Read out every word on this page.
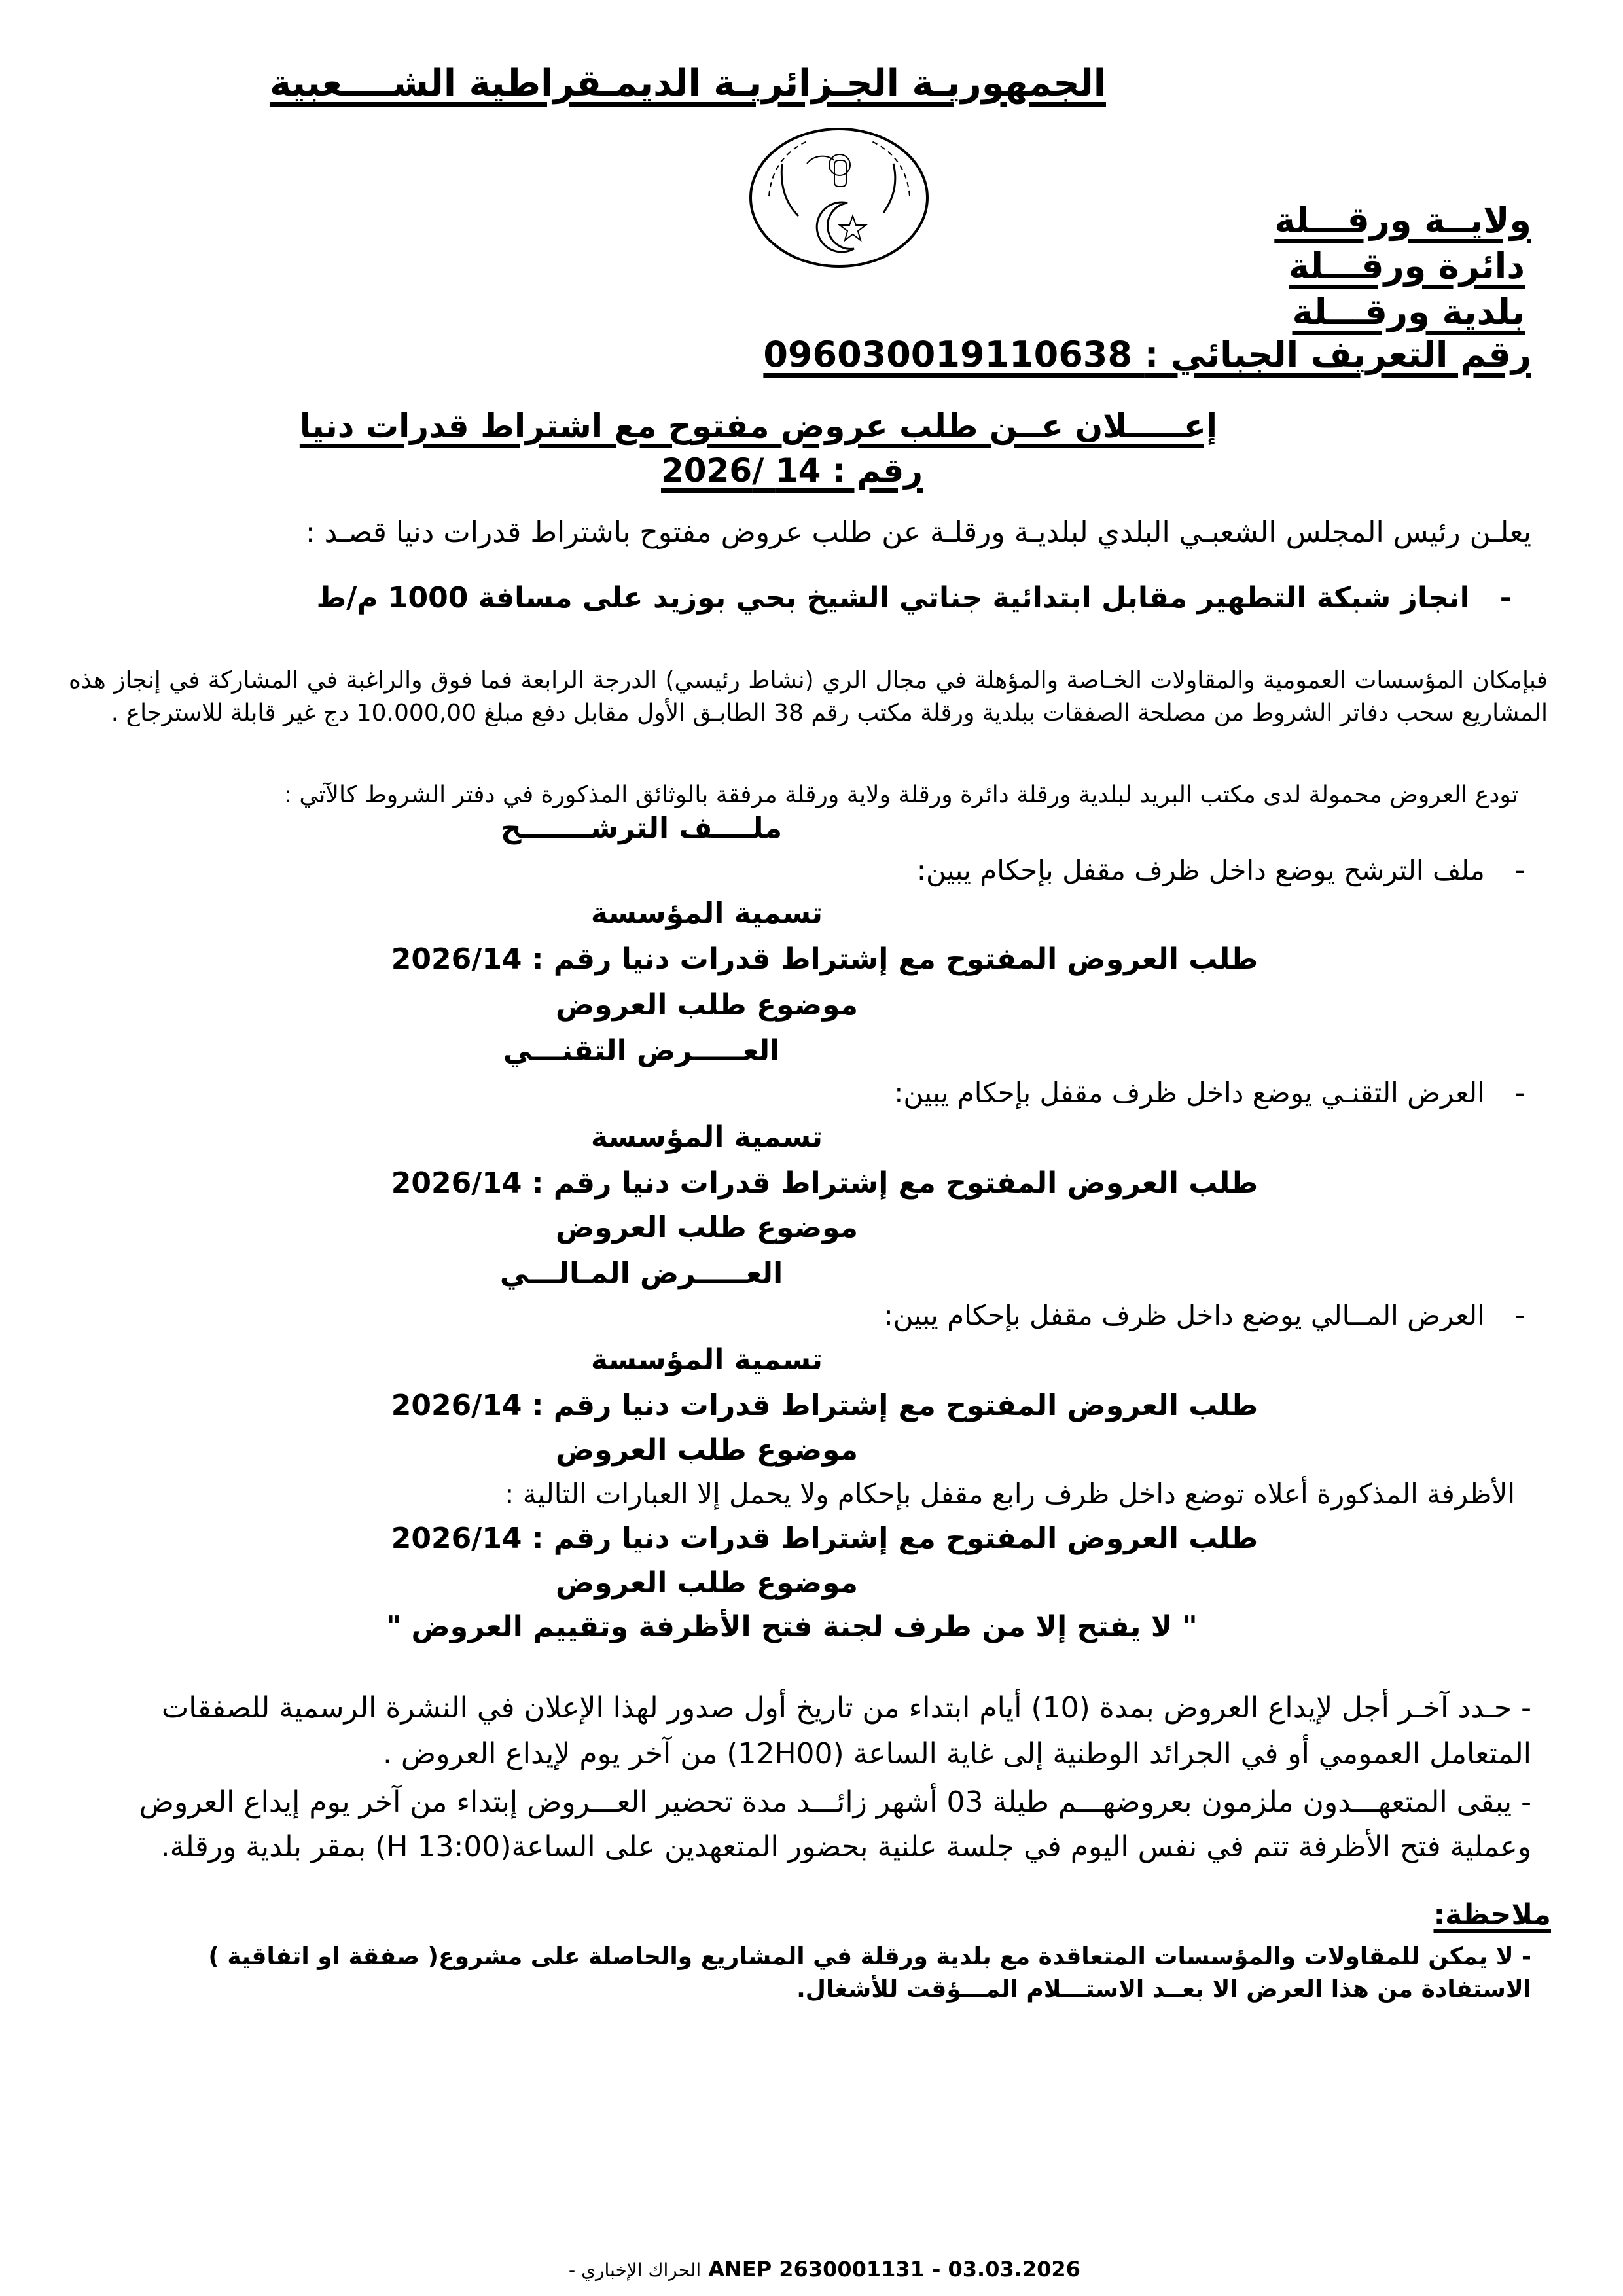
الجمهوريـة الجـزائريـة الديمـقراطية الشــــعبية
ولايــة ورقـــلة
دائرة ورقـــلة
بلدية ورقـــلة
رقم التعريف الجبائي : 096030019110638
إعـــــلان عــن طلب عروض مفتوح مع اشتراط قدرات دنيا
رقم : 14 /2026
يعلـن رئيس المجلس الشعبـي البلدي لبلديـة ورقلـة عن طلب عروض مفتوح باشتراط قدرات دنيا قصـد :
-انجاز شبكة التطهير مقابل ابتدائية جناتي الشيخ بحي بوزيد على مسافة 1000 م/ط
فبإمكان المؤسسات العمومية والمقاولات الخـاصة والمؤهلة في مجال الري (نشاط رئيسي) الدرجة الرابعة فما فوق والراغبة في المشاركة في إنجاز هذه المشاريع سحب دفاتر الشروط من مصلحة الصفقات ببلدية ورقلة مكتب رقم 38 الطابـق الأول مقابل دفع مبلغ 10.000,00 دج غير قابلة للاسترجاع .
تودع العروض محمولة لدى مكتب البريد لبلدية ورقلة دائرة ورقلة ولاية ورقلة مرفقة بالوثائق المذكورة في دفتر الشروط كالآتي :
ملــــف الترشـــــــح
-ملف الترشح يوضع داخل ظرف مقفل بإحكام يبين:
تسمية المؤسسة
طلب العروض المفتوح مع إشتراط قدرات دنيا رقم : 2026/14
موضوع طلب العروض
العـــــرض التقنـــي
-العرض التقنـي يوضع داخل ظرف مقفل بإحكام يبين:
تسمية المؤسسة
طلب العروض المفتوح مع إشتراط قدرات دنيا رقم : 2026/14
موضوع طلب العروض
العـــــرض المـالـــي
-العرض المــالي يوضع داخل ظرف مقفل بإحكام يبين:
تسمية المؤسسة
طلب العروض المفتوح مع إشتراط قدرات دنيا رقم : 2026/14
موضوع طلب العروض
الأظرفة المذكورة أعلاه توضع داخل ظرف رابع مقفل بإحكام ولا يحمل إلا العبارات التالية :
طلب العروض المفتوح مع إشتراط قدرات دنيا رقم : 2026/14
موضوع طلب العروض
" لا يفتح إلا من طرف لجنة فتح الأظرفة وتقييم العروض "
- حـدد آخـر أجل لإيداع العروض بمدة (10) أيام ابتداء من تاريخ أول صدور لهذا الإعلان في النشرة الرسمية للصفقات المتعامل العمومي أو في الجرائد الوطنية إلى غاية الساعة (12H00) من آخر يوم لإيداع العروض .
- يبقى المتعهـــدون ملزمون بعروضهـــم طيلة 03 أشهر زائـــد مدة تحضير العـــروض إبتداء من آخر يوم إيداع العروض وعملية فتح الأظرفة تتم في نفس اليوم في جلسة علنية بحضور المتعهدين على الساعة(13:00 H) بمقر بلدية ورقلة.
ملاحظة:
- لا يمكن للمقاولات والمؤسسات المتعاقدة مع بلدية ورقلة في المشاريع والحاصلة على مشروع( صفقة او اتفاقية ) الاستفادة من هذا العرض الا بعــد الاستـــلام المـــؤقت للأشغال.
- الحراك الإخباري ANEP 2630001131 - 03.03.2026
